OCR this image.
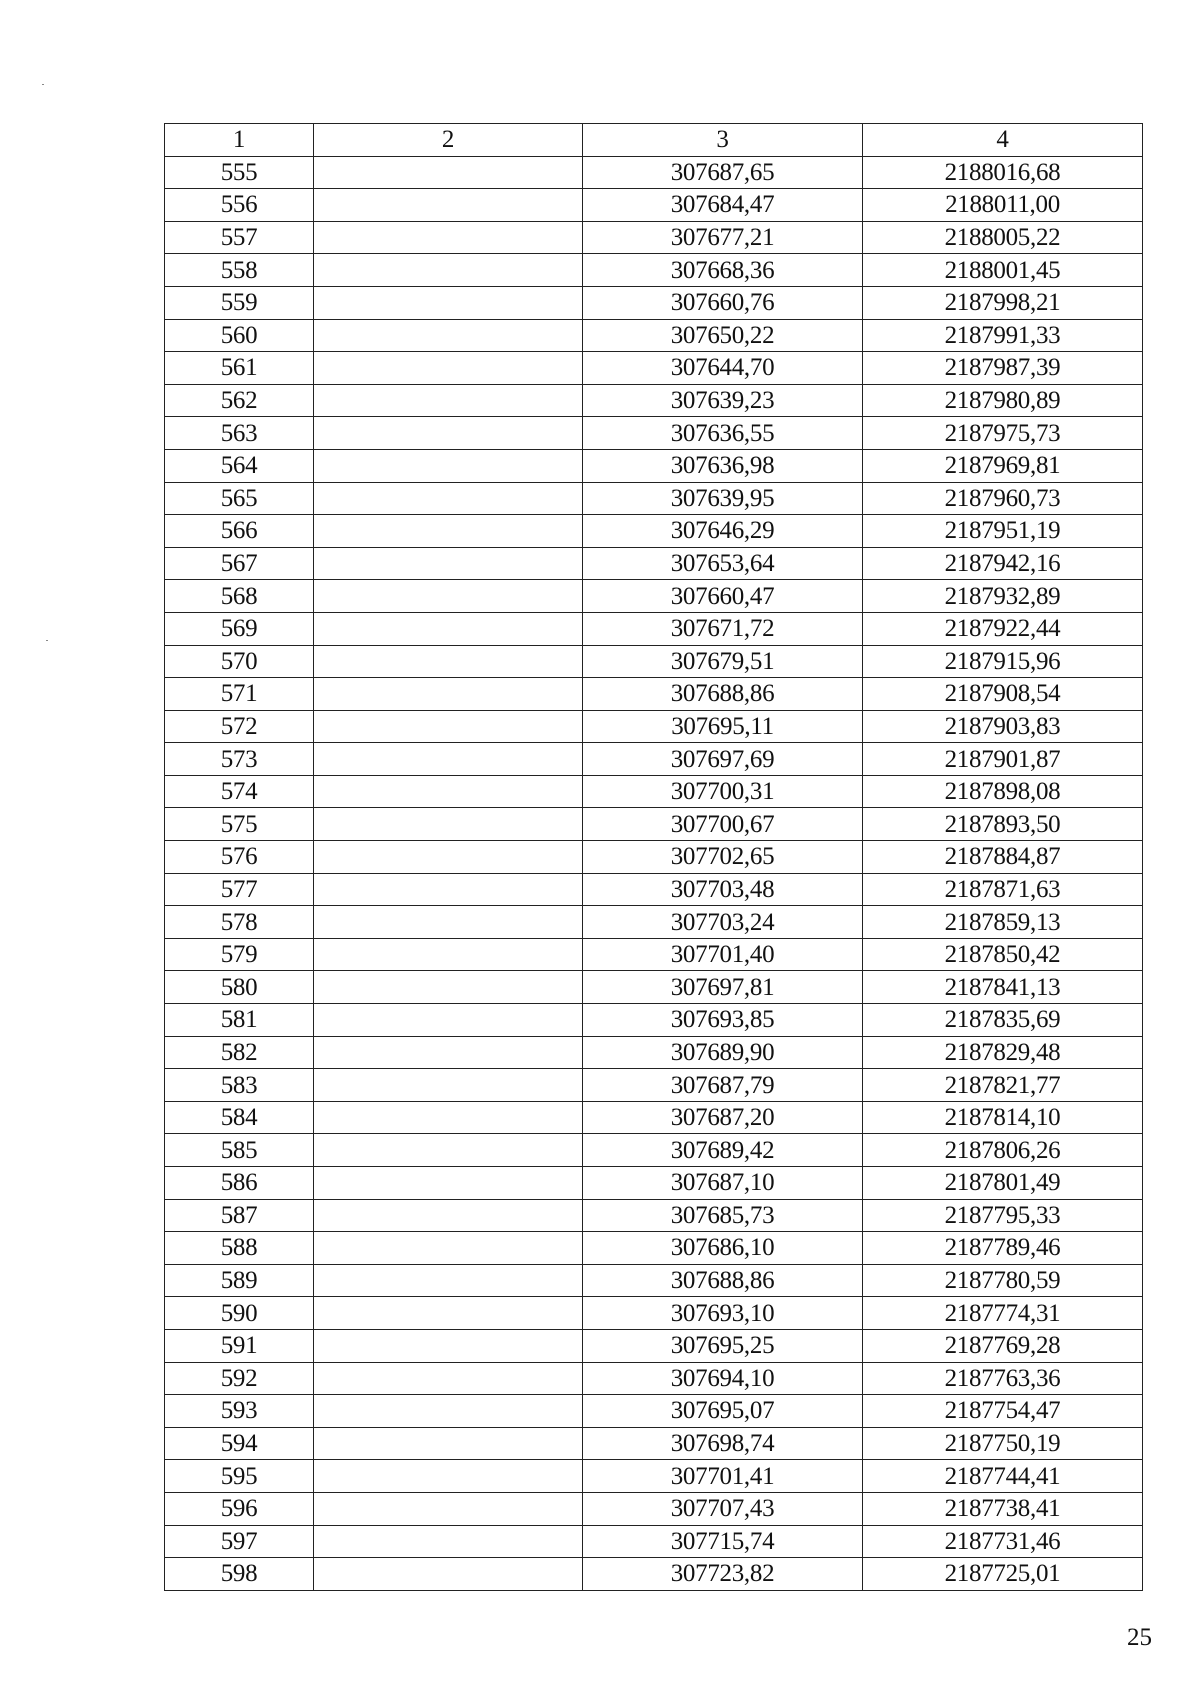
1	2	3	4
555		307687,65	2188016,68
556		307684,47	2188011,00
557		307677,21	2188005,22
558		307668,36	2188001,45
559		307660,76	2187998,21
560		307650,22	2187991,33
561		307644,70	2187987,39
562		307639,23	2187980,89
563		307636,55	2187975,73
564		307636,98	2187969,81
565		307639,95	2187960,73
566		307646,29	2187951,19
567		307653,64	2187942,16
568		307660,47	2187932,89
569		307671,72	2187922,44
570		307679,51	2187915,96
571		307688,86	2187908,54
572		307695,11	2187903,83
573		307697,69	2187901,87
574		307700,31	2187898,08
575		307700,67	2187893,50
576		307702,65	2187884,87
577		307703,48	2187871,63
578		307703,24	2187859,13
579		307701,40	2187850,42
580		307697,81	2187841,13
581		307693,85	2187835,69
582		307689,90	2187829,48
583		307687,79	2187821,77
584		307687,20	2187814,10
585		307689,42	2187806,26
586		307687,10	2187801,49
587		307685,73	2187795,33
588		307686,10	2187789,46
589		307688,86	2187780,59
590		307693,10	2187774,31
591		307695,25	2187769,28
592		307694,10	2187763,36
593		307695,07	2187754,47
594		307698,74	2187750,19
595		307701,41	2187744,41
596		307707,43	2187738,41
597		307715,74	2187731,46
598		307723,82	2187725,01
25
